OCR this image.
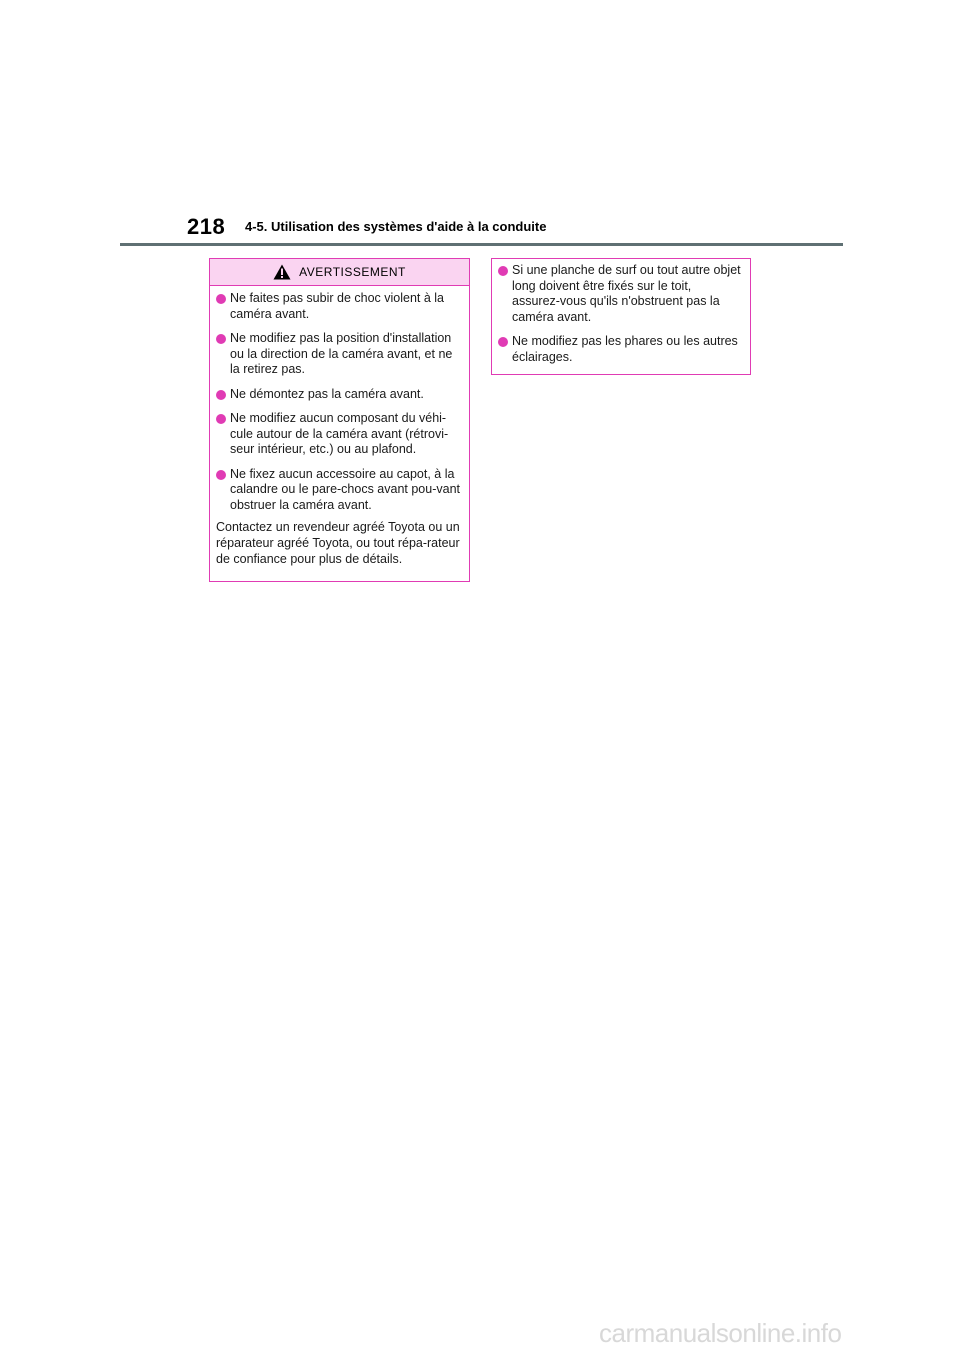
218 4-5. Utilisation des systèmes d'aide à la conduite
AVERTISSEMENT
Ne faites pas subir de choc violent à la caméra avant.
Ne modifiez pas la position d'installation ou la direction de la caméra avant, et ne la retirez pas.
Ne démontez pas la caméra avant.
Ne modifiez aucun composant du véhi-cule autour de la caméra avant (rétrovi-seur intérieur, etc.) ou au plafond.
Ne fixez aucun accessoire au capot, à la calandre ou le pare-chocs avant pou-vant obstruer la caméra avant.
Contactez un revendeur agréé Toyota ou un réparateur agréé Toyota, ou tout répa-rateur de confiance pour plus de détails.
Si une planche de surf ou tout autre objet long doivent être fixés sur le toit, assurez-vous qu'ils n'obstruent pas la caméra avant.
Ne modifiez pas les phares ou les autres éclairages.
carmanualsonline.info
